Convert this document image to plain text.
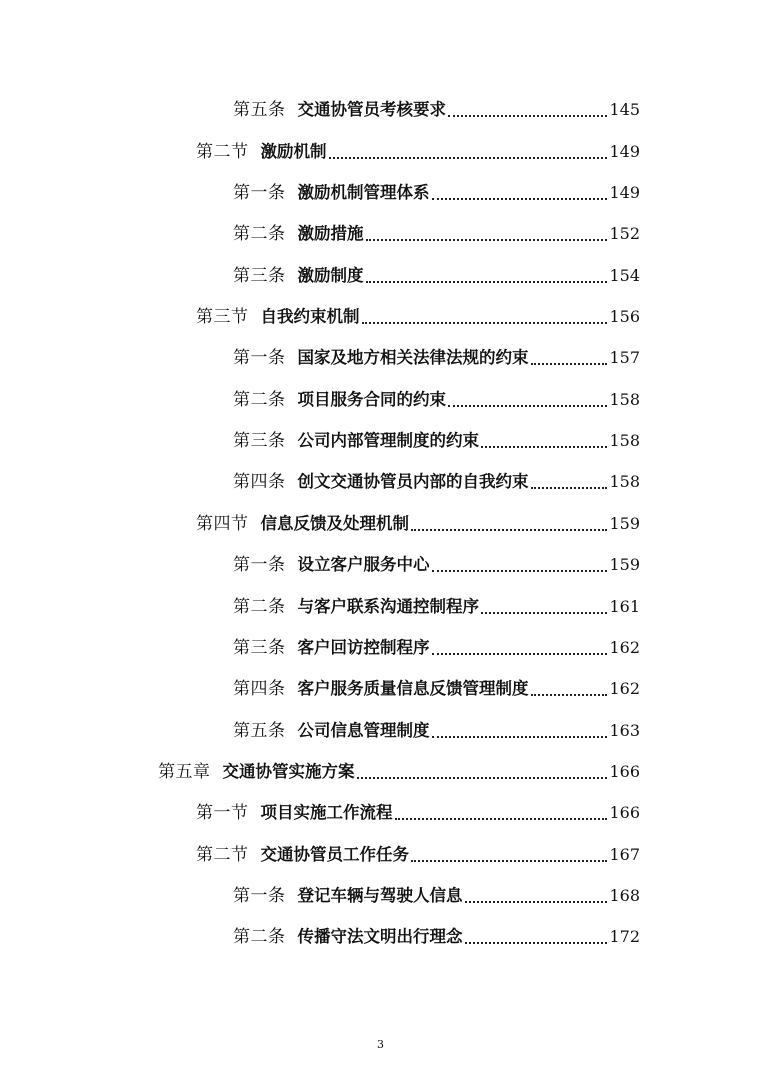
第五条 交通协管员考核要求	145
第二节 激励机制	149
第一条 激励机制管理体系	149
第二条 激励措施	152
第三条 激励制度	154
第三节 自我约束机制	156
第一条 国家及地方相关法律法规的约束	157
第二条 项目服务合同的约束	158
第三条 公司内部管理制度的约束	158
第四条 创文交通协管员内部的自我约束	158
第四节 信息反馈及处理机制	159
第一条 设立客户服务中心	159
第二条 与客户联系沟通控制程序	161
第三条 客户回访控制程序	162
第四条 客户服务质量信息反馈管理制度	162
第五条 公司信息管理制度	163
第五章 交通协管实施方案	166
第一节 项目实施工作流程	166
第二节 交通协管员工作任务	167
第一条 登记车辆与驾驶人信息	168
第二条 传播守法文明出行理念	172
3
